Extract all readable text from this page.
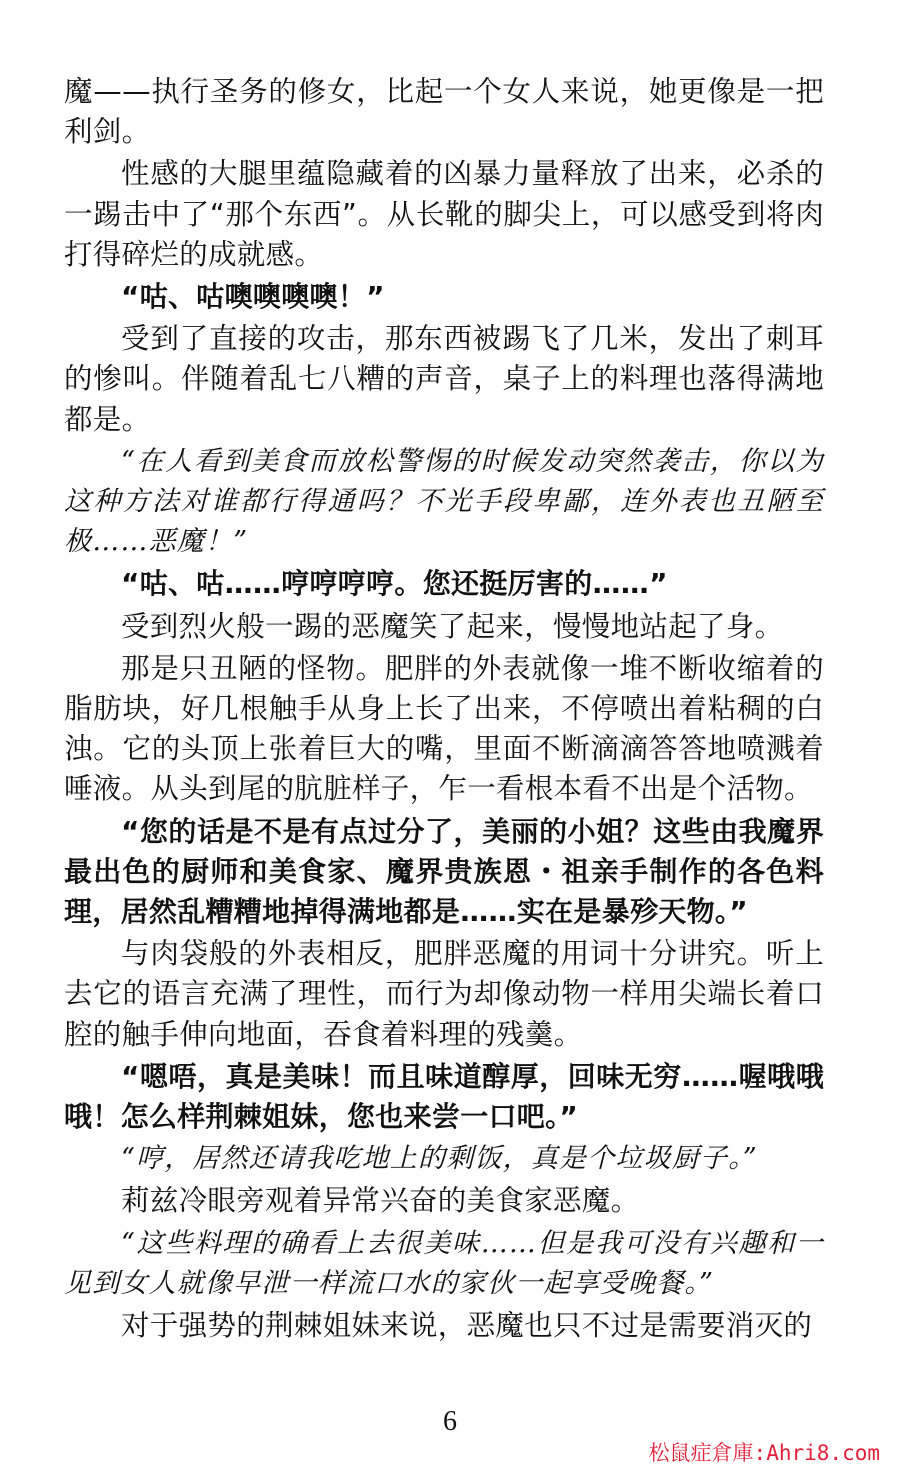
魔——执行圣务的修女，比起一个女人来说，她更像是一把利剑。

性感的大腿里蕴隐藏着的凶暴力量释放了出来，必杀的一踢击中了“那个东西”。从长靴的脚尖上，可以感受到将肉打得碎烂的成就感。

“咕、咕噢噢噢噢！”

受到了直接的攻击，那东西被踢飞了几米，发出了刺耳的惨叫。伴随着乱七八糟的声音，桌子上的料理也落得满地都是。

“在人看到美食而放松警惕的时候发动突然袭击，你以为这种方法对谁都行得通吗？不光手段卑鄙，连外表也丑陋至极……恶魔！”

“咕、咕……哼哼哼哼。您还挺厉害的……”

受到烈火般一踢的恶魔笑了起来，慢慢地站起了身。

那是只丑陋的怪物。肥胖的外表就像一堆不断收缩着的脂肪块，好几根触手从身上长了出来，不停喷出着粘稠的白浊。它的头顶上张着巨大的嘴，里面不断滴滴答答地喷溅着唾液。从头到尾的肮脏样子，乍一看根本看不出是个活物。

“您的话是不是有点过分了，美丽的小姐？这些由我魔界最出色的厨师和美食家、魔界贵族恩・祖亲手制作的各色料理，居然乱糟糟地掉得满地都是……实在是暴殄天物。”

与肉袋般的外表相反，肥胖恶魔的用词十分讲究。听上去它的语言充满了理性，而行为却像动物一样用尖端长着口腔的触手伸向地面，吞食着料理的残羹。

“嗯唔，真是美味！而且味道醇厚，回味无穷……喔哦哦哦！怎么样荆棘姐妹，您也来尝一口吧。”

“哼，居然还请我吃地上的剩饭，真是个垃圾厨子。”

莉兹冷眼旁观着异常兴奋的美食家恶魔。

“这些料理的确看上去很美味……但是我可没有兴趣和一见到女人就像早泄一样流口水的家伙一起享受晚餐。”

对于强势的荆棘姐妹来说，恶魔也只不过是需要消灭的

6
松鼠症倉庫:Ahri8.com
